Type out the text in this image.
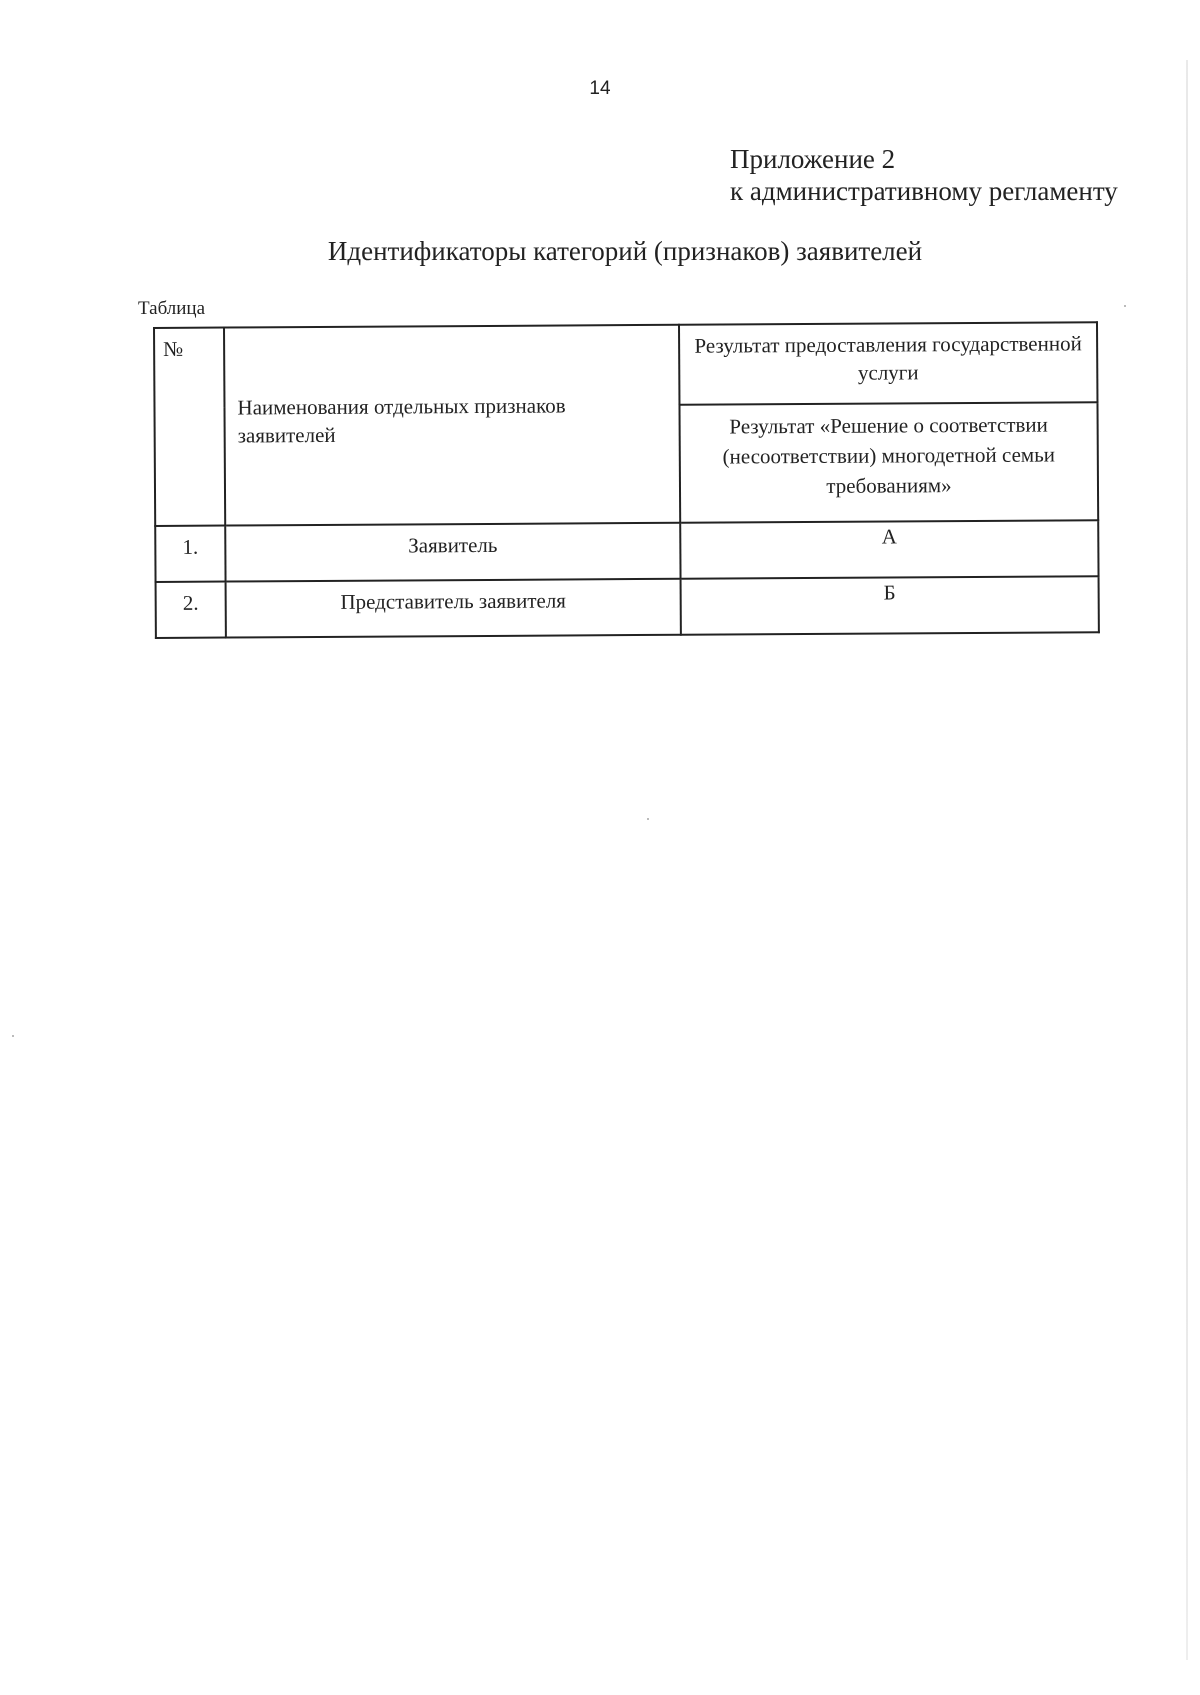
14
Приложение 2
к административному регламенту
Идентификаторы категорий (признаков) заявителей
Таблица
№	Наименования отдельных признаков заявителей	Результат предоставления государственной услуги
		Результат «Решение о соответствии (несоответствии) многодетной семьи требованиям»
1.	Заявитель	А
2.	Представитель заявителя	Б
